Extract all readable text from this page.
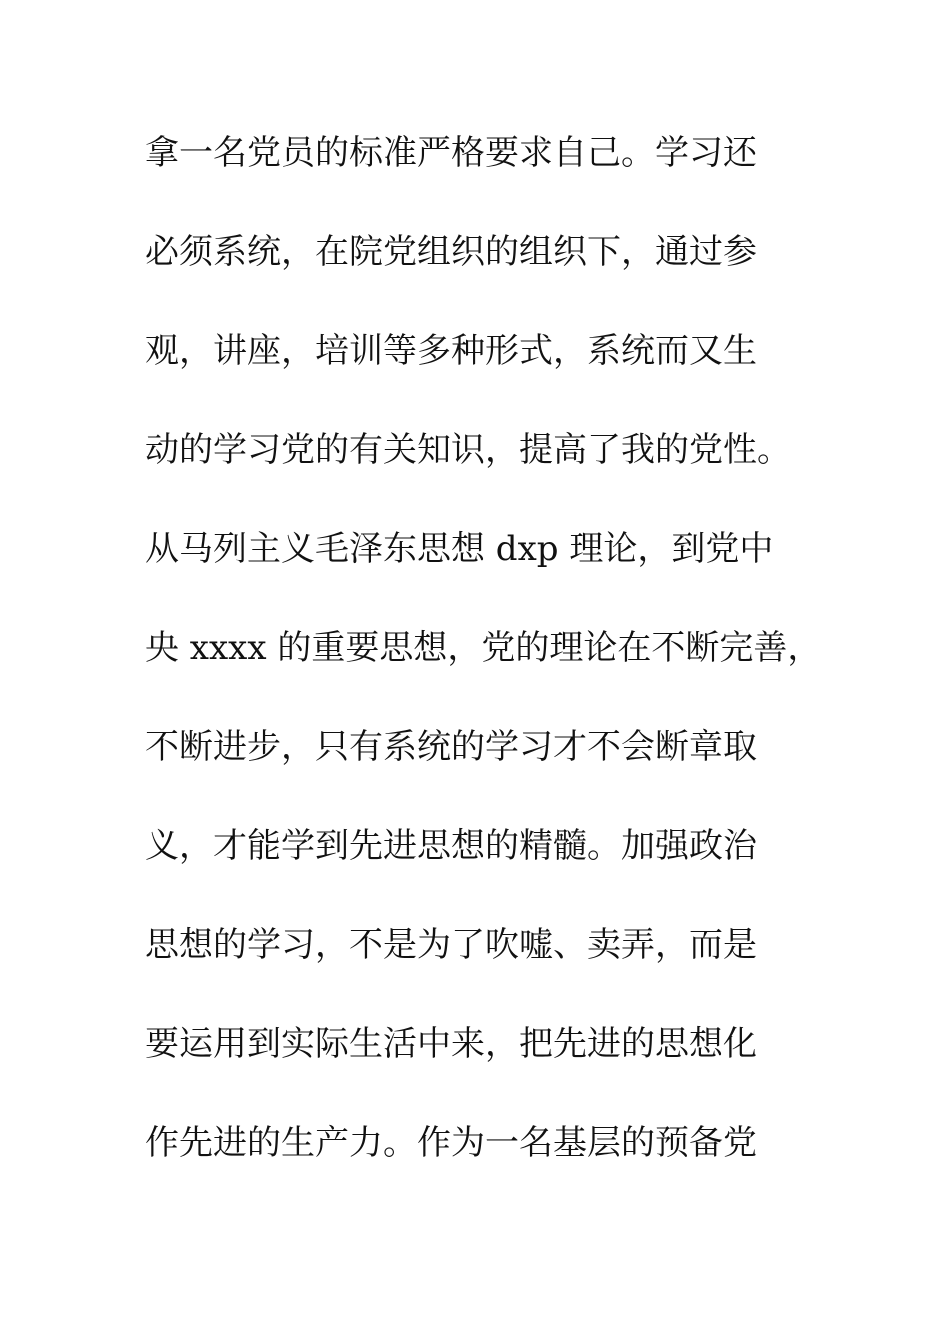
拿一名党员的标准严格要求自己。学习还
必须系统，在院党组织的组织下，通过参
观，讲座，培训等多种形式，系统而又生
动的学习党的有关知识，提高了我的党性。
从马列主义毛泽东思想 dxp 理论，到党中
央 xxxx 的重要思想，党的理论在不断完善，
不断进步，只有系统的学习才不会断章取
义，才能学到先进思想的精髓。加强政治
思想的学习，不是为了吹嘘、卖弄，而是
要运用到实际生活中来，把先进的思想化
作先进的生产力。作为一名基层的预备党
